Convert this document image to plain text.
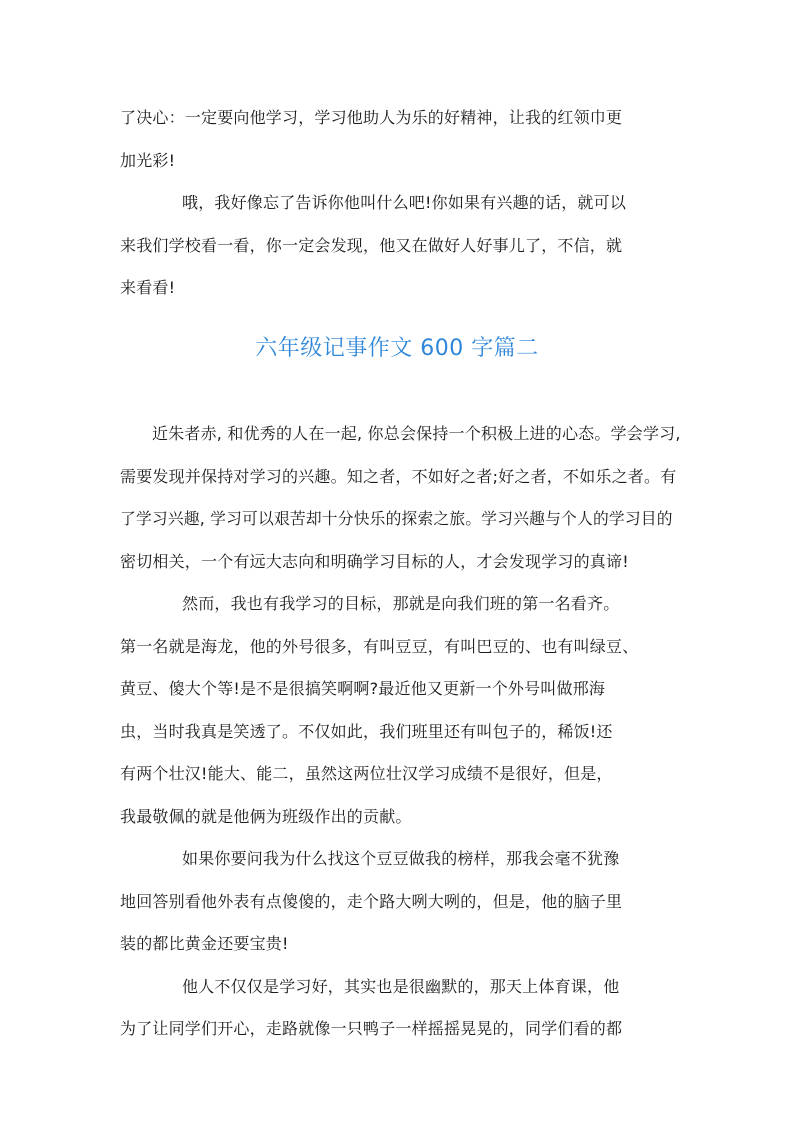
了决心：一定要向他学习，学习他助人为乐的好精神，让我的红领巾更
加光彩!
哦，我好像忘了告诉你他叫什么吧!你如果有兴趣的话，就可以
来我们学校看一看，你一定会发现，他又在做好人好事儿了，不信，就
来看看!
六年级记事作文 600 字篇二
近朱者赤, 和优秀的人在一起, 你总会保持一个积极上进的心态。学会学习,
需要发现并保持对学习的兴趣。知之者，不如好之者;好之者，不如乐之者。有
了学习兴趣, 学习可以艰苦却十分快乐的探索之旅。学习兴趣与个人的学习目的
密切相关，一个有远大志向和明确学习目标的人，才会发现学习的真谛!
然而，我也有我学习的目标，那就是向我们班的第一名看齐。
第一名就是海龙，他的外号很多，有叫豆豆，有叫巴豆的、也有叫绿豆、
黄豆、傻大个等!是不是很搞笑啊啊?最近他又更新一个外号叫做邢海
虫，当时我真是笑透了。不仅如此，我们班里还有叫包子的，稀饭!还
有两个壮汉!能大、能二，虽然这两位壮汉学习成绩不是很好，但是，
我最敬佩的就是他俩为班级作出的贡献。
如果你要问我为什么找这个豆豆做我的榜样，那我会毫不犹豫
地回答别看他外表有点傻傻的，走个路大咧大咧的，但是，他的脑子里
装的都比黄金还要宝贵!
他人不仅仅是学习好，其实也是很幽默的，那天上体育课，他
为了让同学们开心，走路就像一只鸭子一样摇摇晃晃的，同学们看的都
